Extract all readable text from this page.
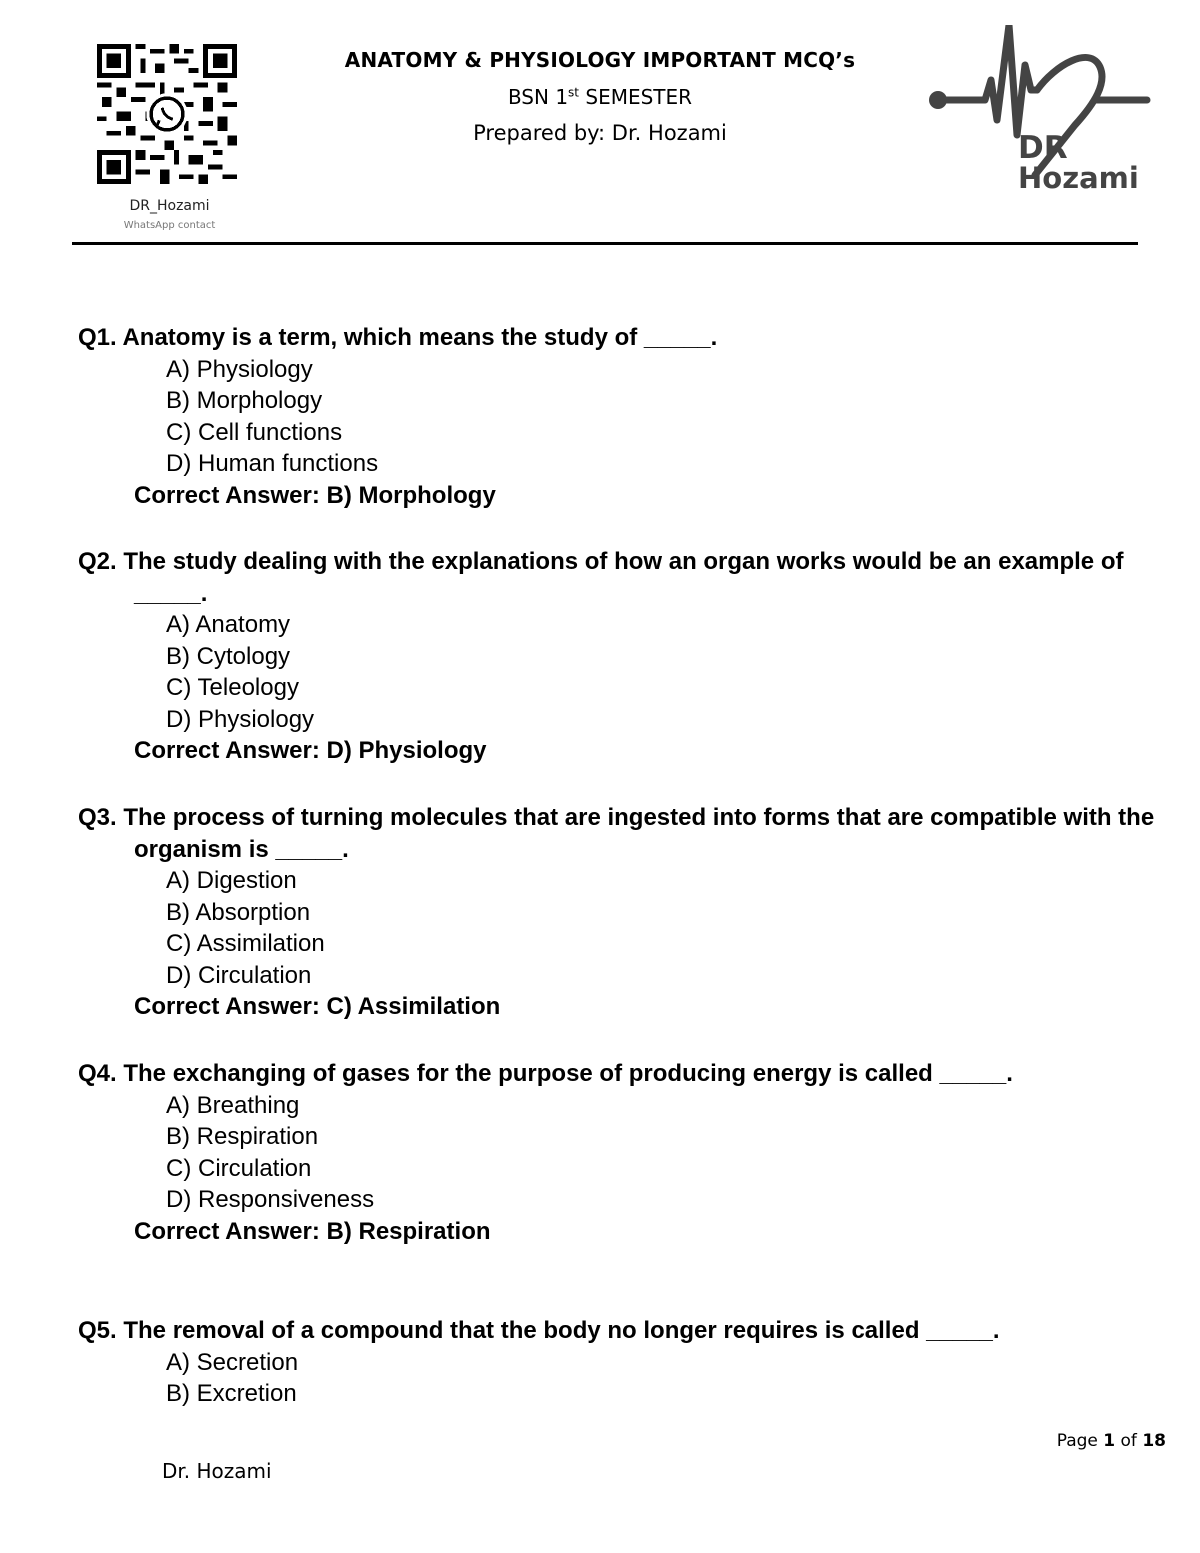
DR_Hozami
WhatsApp contact
ANATOMY & PHYSIOLOGY IMPORTANT MCQ’s
BSN 1st SEMESTER
Prepared by: Dr. Hozami	DR
Hozami
Q1. Anatomy is a term, which means the study of _____.
A) Physiology
B) Morphology
C) Cell functions
D) Human functions
Correct Answer: B) Morphology
Q2. The study dealing with the explanations of how an organ works would be an example of _____.
A) Anatomy
B) Cytology
C) Teleology
D) Physiology
Correct Answer: D) Physiology
Q3. The process of turning molecules that are ingested into forms that are compatible with the organism is _____.
A) Digestion
B) Absorption
C) Assimilation
D) Circulation
Correct Answer: C) Assimilation
Q4. The exchanging of gases for the purpose of producing energy is called _____.
A) Breathing
B) Respiration
C) Circulation
D) Responsiveness
Correct Answer: B) Respiration
Q5. The removal of a compound that the body no longer requires is called _____.
A) Secretion
B) Excretion
Page 1 of 18
Dr. Hozami
